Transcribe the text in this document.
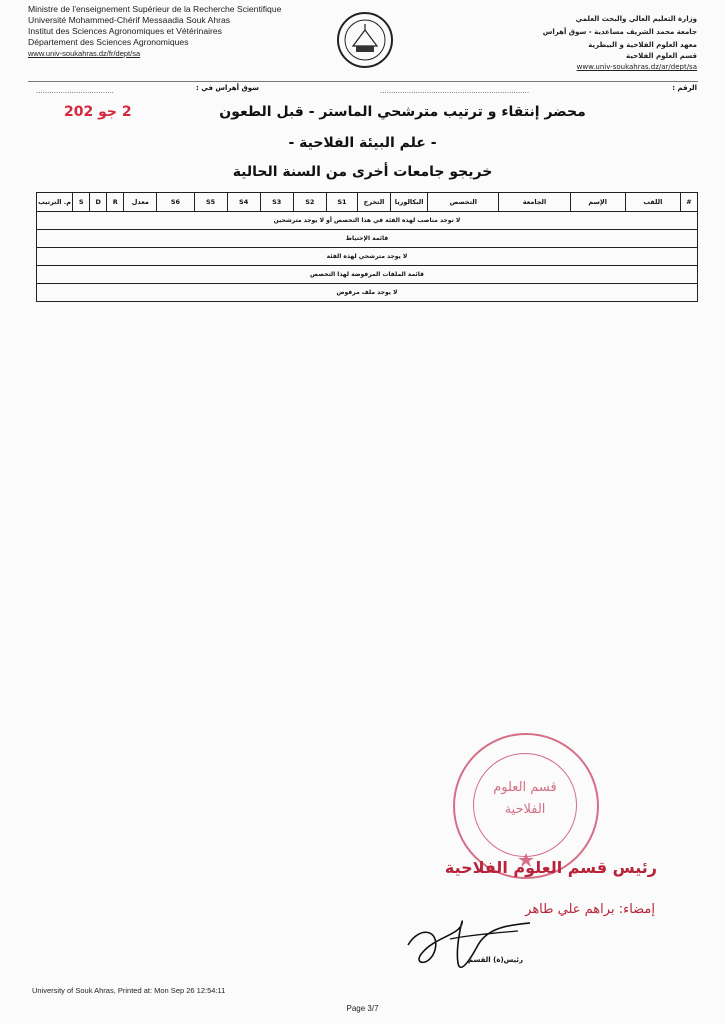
Ministre de l'enseignement Supérieur de la Recherche Scientifique
Université Mohammed-Chérif Messaadia Souk Ahras
Institut des Sciences Agronomiques et Vétérinaires
Département des Sciences Agronomiques
www.univ-soukahras.dz/fr/dept/sa
وزارة التعليم العالي والبحث العلمي
جامعة محمد الشريف مساعدية - سوق أهراس
معهد العلوم الفلاحية و البيطرية
قسم العلوم الفلاحية
www.univ-soukahras.dz/ar/dept/sa
...................................	سوق أهراس في :	...................................................................	الرقم :
محضر إنتقاء و ترتيب مترشحي الماستر - قبل الطعون
2 جو 202
- علم البيئة الفلاحية -
خريجو جامعات أخرى من السنة الحالية
#	اللقب	الإسم	الجامعة	التخصص	البكالوريا	التخرج	S1	S2	S3	S4	S5	S6	معدل	R	D	S	م. الترتيب
لا توجد مناصب لهذه الفئة في هذا التخصص أو لا يوجد مترشحين
قائمة الإحتياط
لا يوجد مترشحي لهذه الفئة
قائمة الملفات المرفوضة لهذا التخصص
لا يوجد ملف مرفوض
قسم العلوم
الفلاحية
رئيس قسم العلوم الفلاحية
إمضاء: براهم علي طاهر
رئيس(ة) القسم
University of Souk Ahras, Printed at: Mon Sep 26 12:54:11
Page 3/7
